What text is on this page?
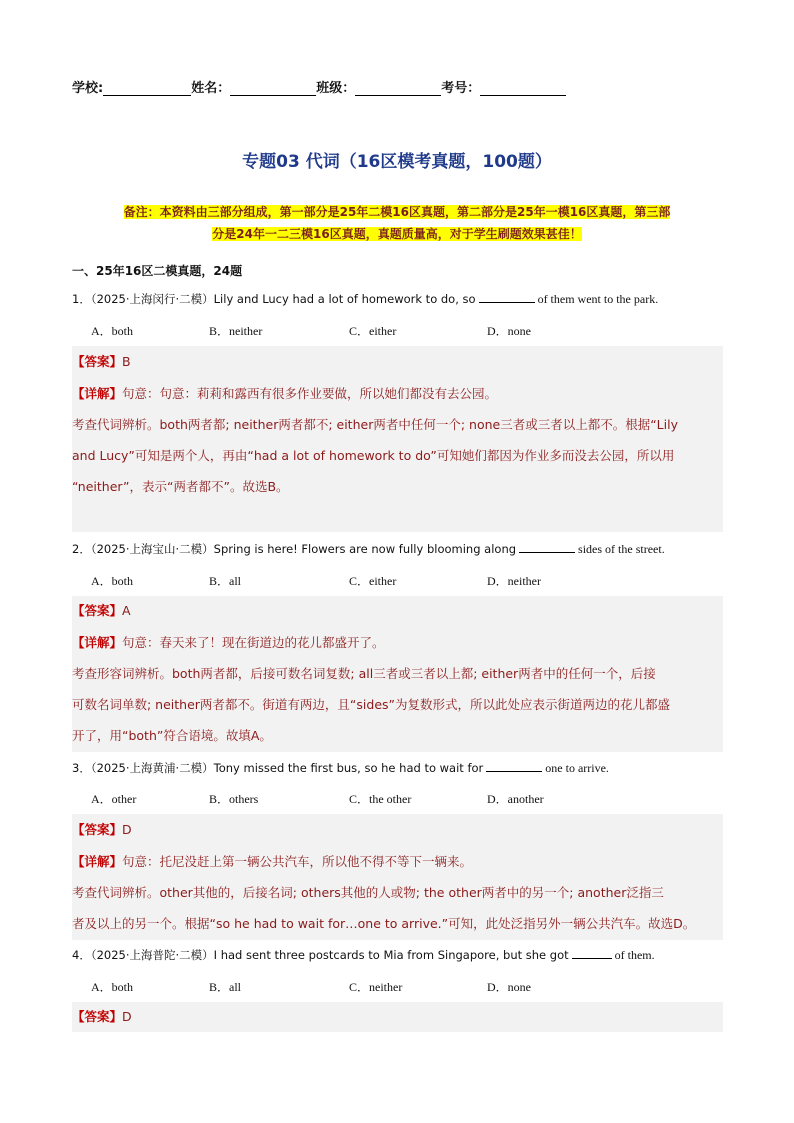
学校:	姓名：	班级：	考号：
专题03 代词（16区模考真题，100题）
备注：本资料由三部分组成，第一部分是25年二模16区真题，第二部分是25年一模16区真题，第三部
分是24年一二三模16区真题，真题质量高，对于学生刷题效果甚佳！
一、25年16区二模真题，24题
1．（2025·上海闵行·二模）Lily and Lucy had a lot of homework to do, so	of them went to the park.
A．both	B．neither	C．either	D．none
【答案】B
【详解】句意：句意：莉莉和露西有很多作业要做，所以她们都没有去公园。
考查代词辨析。both两者都; neither两者都不; either两者中任何一个; none三者或三者以上都不。根据“Lily
and Lucy”可知是两个人，再由“had a lot of homework to do”可知她们都因为作业多而没去公园，所以用
“neither”，表示“两者都不”。故选B。
2．（2025·上海宝山·二模）Spring is here! Flowers are now fully blooming along	sides of the street.
A．both	B．all	C．either	D．neither
【答案】A
【详解】句意：春天来了！现在街道边的花儿都盛开了。
考查形容词辨析。both两者都，后接可数名词复数; all三者或三者以上都; either两者中的任何一个，后接
可数名词单数; neither两者都不。街道有两边，且“sides”为复数形式，所以此处应表示街道两边的花儿都盛
开了，用“both”符合语境。故填A。
3．（2025·上海黄浦·二模）Tony missed the first bus, so he had to wait for	one to arrive.
A．other	B．others	C．the other	D．another
【答案】D
【详解】句意：托尼没赶上第一辆公共汽车，所以他不得不等下一辆来。
考查代词辨析。other其他的，后接名词; others其他的人或物; the other两者中的另一个; another泛指三
者及以上的另一个。根据“so he had to wait for…one to arrive.”可知，此处泛指另外一辆公共汽车。故选D。
4．（2025·上海普陀·二模）I had sent three postcards to Mia from Singapore, but she got	of them.
A．both	B．all	C．neither	D．none
【答案】D
